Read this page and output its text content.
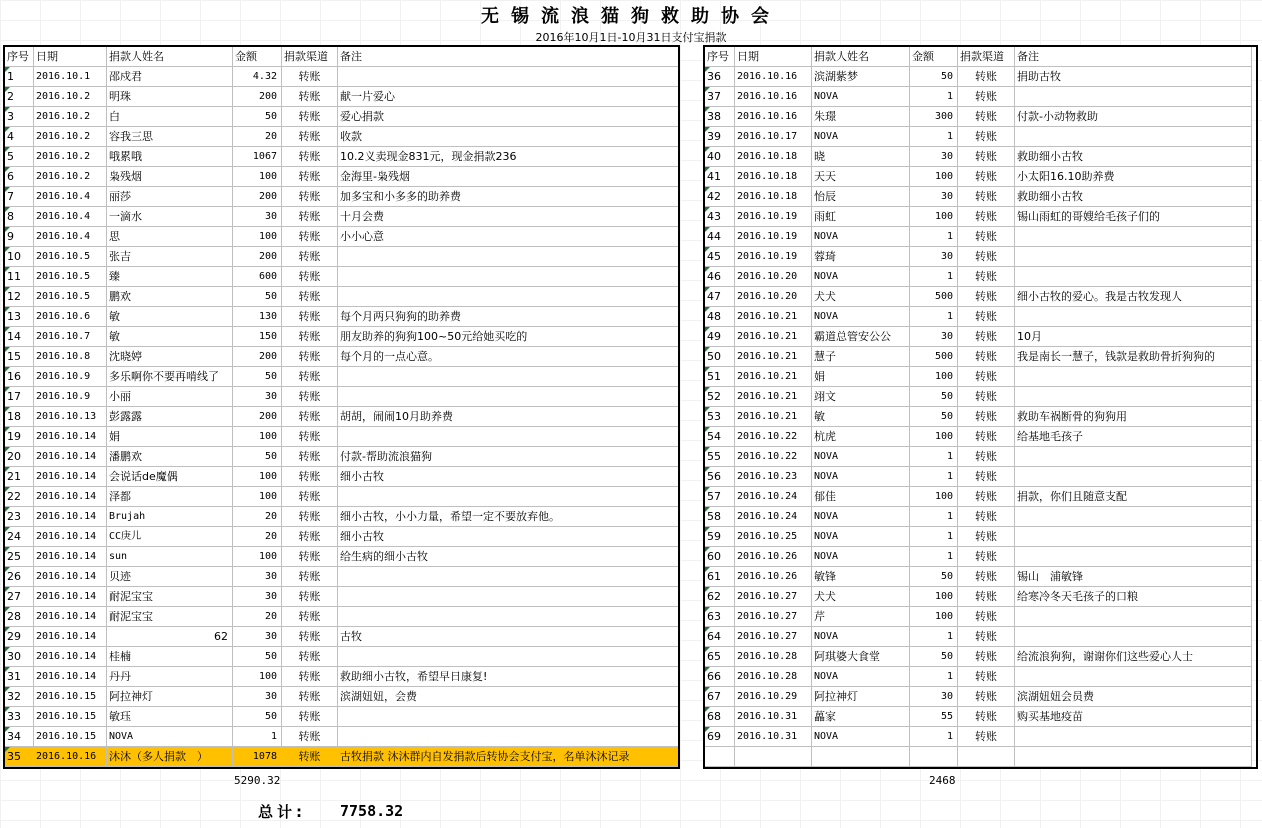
无锡流浪猫狗救助协会
2016年10月1日-10月31日支付宝捐款
序号	日期	捐款人姓名	金额	捐款渠道	备注
1	2016.10.1	邵戍君	4.32	转账	
2	2016.10.2	明珠	200	转账	献一片爱心
3	2016.10.2	白	50	转账	爱心捐款
4	2016.10.2	容我三思	20	转账	收款
5	2016.10.2	哦累哦	1067	转账	10.2义卖现金831元，现金捐款236
6	2016.10.2	枭残烟	100	转账	金海里-枭残烟
7	2016.10.4	丽莎	200	转账	加多宝和小多多的助养费
8	2016.10.4	一滴水	30	转账	十月会费
9	2016.10.4	思	100	转账	小小心意
10	2016.10.5	张吉	200	转账	
11	2016.10.5	臻	600	转账	
12	2016.10.5	鹏欢	50	转账	
13	2016.10.6	敏	130	转账	每个月两只狗狗的助养费
14	2016.10.7	敏	150	转账	朋友助养的狗狗100~50元给她买吃的
15	2016.10.8	沈晓婷	200	转账	每个月的一点心意。
16	2016.10.9	多乐啊你不要再啃线了	50	转账	
17	2016.10.9	小丽	30	转账	
18	2016.10.13	彭露露	200	转账	胡胡，闹闹10月助养费
19	2016.10.14	娟	100	转账	
20	2016.10.14	潘鹏欢	50	转账	付款-帮助流浪猫狗
21	2016.10.14	会说话de魔偶	100	转账	细小古牧
22	2016.10.14	泽都	100	转账	
23	2016.10.14	Brujah	20	转账	细小古牧，小小力量，希望一定不要放弃他。
24	2016.10.14	CC庚儿	20	转账	细小古牧
25	2016.10.14	sun	100	转账	给生病的细小古牧
26	2016.10.14	贝迹	30	转账	
27	2016.10.14	耐泥宝宝	30	转账	
28	2016.10.14	耐泥宝宝	20	转账	
29	2016.10.14	62	30	转账	古牧
30	2016.10.14	桂楠	50	转账	
31	2016.10.14	丹丹	100	转账	救助细小古牧，希望早日康复!
32	2016.10.15	阿拉神灯	30	转账	滨湖妞妞，会费
33	2016.10.15	敏珏	50	转账	
34	2016.10.15	NOVA	1	转账	
35	2016.10.16	沐沐（多人捐款　）	1078	转账	古牧捐款 沐沐群内自发捐款后转协会支付宝，名单沐沐记录
序号	日期	捐款人姓名	金额	捐款渠道	备注
36	2016.10.16	滨湖紫梦	50	转账	捐助古牧
37	2016.10.16	NOVA	1	转账	
38	2016.10.16	朱璟	300	转账	付款-小动物救助
39	2016.10.17	NOVA	1	转账	
40	2016.10.18	晓	30	转账	救助细小古牧
41	2016.10.18	天天	100	转账	小太阳16.10助养费
42	2016.10.18	怡辰	30	转账	救助细小古牧
43	2016.10.19	雨虹	100	转账	锡山雨虹的哥嫂给毛孩子们的
44	2016.10.19	NOVA	1	转账	
45	2016.10.19	蓉琦	30	转账	
46	2016.10.20	NOVA	1	转账	
47	2016.10.20	犬犬	500	转账	细小古牧的爱心。我是古牧发现人
48	2016.10.21	NOVA	1	转账	
49	2016.10.21	霸道总管安公公	30	转账	10月
50	2016.10.21	慧子	500	转账	我是南长一慧子，钱款是救助骨折狗狗的
51	2016.10.21	娟	100	转账	
52	2016.10.21	翊文	50	转账	
53	2016.10.21	敏	50	转账	救助车祸断骨的狗狗用
54	2016.10.22	杭虎	100	转账	给基地毛孩子
55	2016.10.22	NOVA	1	转账	
56	2016.10.23	NOVA	1	转账	
57	2016.10.24	郁佳	100	转账	捐款，你们且随意支配
58	2016.10.24	NOVA	1	转账	
59	2016.10.25	NOVA	1	转账	
60	2016.10.26	NOVA	1	转账	
61	2016.10.26	敏锋	50	转账	锡山　浦敏锋
62	2016.10.27	犬犬	100	转账	给寒冷冬天毛孩子的口粮
63	2016.10.27	芹	100	转账	
64	2016.10.27	NOVA	1	转账	
65	2016.10.28	阿琪婆大食堂	50	转账	给流浪狗狗，谢谢你们这些爱心人士
66	2016.10.28	NOVA	1	转账	
67	2016.10.29	阿拉神灯	30	转账	滨湖妞妞会员费
68	2016.10.31	藟家	55	转账	购买基地疫苗
69	2016.10.31	NOVA	1	转账	

5290.32	2468
总计: 7758.32
